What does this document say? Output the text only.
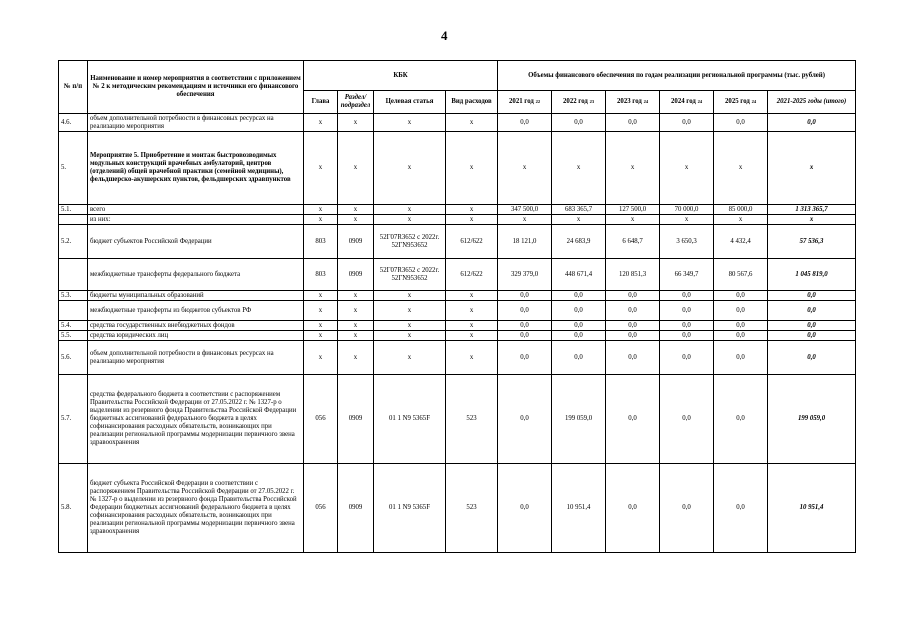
4
№ п/п	Наименование и номер мероприятия в соответствии с приложением № 2 к методическим рекомендациям и источники его финансового обеспечения	КБК				Объемы финансового обеспечения по годам реализации региональной программы (тыс. рублей)					
		Глава	Раздел/ подраздел	Целевая статья	Вид расходов	2021 год 22	2022 год 23	2023 год 24	2024 год 24	2025 год 24	2021-2025 годы (итого)
4.6.	объем дополнительной потребности в финансовых ресурсах на реализацию мероприятия	х	х	х	х	0,0	0,0	0,0	0,0	0,0	0,0
5.	Мероприятие 5. Приобретение и монтаж быстровозводимых модульных конструкций врачебных амбулаторий, центров (отделений) общей врачебной практики (семейной медицины), фельдшерско-акушерских пунктов, фельдшерских здравпунктов	х	х	х	х	х	х	х	х	х	х
5.1.	всего	х	х	х	х	347 500,0	683 365,7	127 500,0	70 000,0	85 000,0	1 313 365,7
	из них:	х	х	х	х	х	х	х	х	х	х
5.2.	бюджет субъектов Российской Федерации	803	0909	52Г07R3652 с 2022г. 52ГN953652	612/622	18 121,0	24 683,9	6 648,7	3 650,3	4 432,4	57 536,3
	межбюджетные трансферты федерального бюджета	803	0909	52Г07R3652 с 2022г. 52ГN953652	612/622	329 379,0	448 671,4	120 851,3	66 349,7	80 567,6	1 045 819,0
5.3.	бюджеты муниципальных образований	х	х	х	х	0,0	0,0	0,0	0,0	0,0	0,0
	межбюджетные трансферты из бюджетов субъектов РФ	х	х	х	х	0,0	0,0	0,0	0,0	0,0	0,0
5.4.	средства государственных внебюджетных фондов	х	х	х	х	0,0	0,0	0,0	0,0	0,0	0,0
5.5.	средства юридических лиц	х	х	х	х	0,0	0,0	0,0	0,0	0,0	0,0
5.6.	объем дополнительной потребности в финансовых ресурсах на реализацию мероприятия	х	х	х	х	0,0	0,0	0,0	0,0	0,0	0,0
5.7.	средства федерального бюджета в соответствии с распоряжением Правительства Российской Федерации от 27.05.2022 г. № 1327-р о выделении из резервного фонда Правительства Российской Федерации бюджетных ассигнований федерального бюджета в целях софинансирования расходных обязательств, возникающих при реализации региональной программы модернизации первичного звена здравоохранения	056	0909	01 1 N9 5365F	523	0,0	199 059,0	0,0	0,0	0,0	199 059,0
5.8.	бюджет субъекта Российской Федерации в соответствии с распоряжением Правительства Российской Федерации от 27.05.2022 г. № 1327-р о выделении из резервного фонда Правительства Российской Федерации бюджетных ассигнований федерального бюджета в целях софинансирования расходных обязательств, возникающих при реализации региональной программы модернизации первичного звена здравоохранения	056	0909	01 1 N9 5365F	523	0,0	10 951,4	0,0	0,0	0,0	10 951,4
